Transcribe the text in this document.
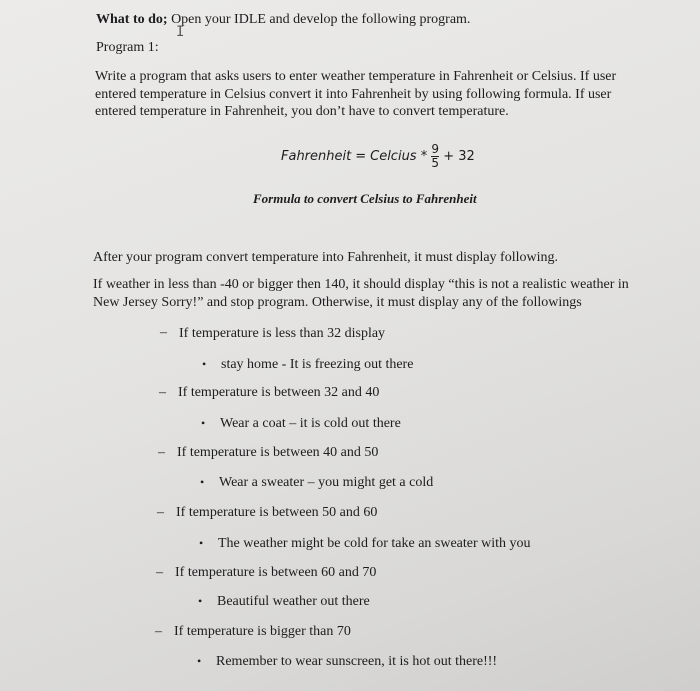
What to do; Open your IDLE and develop the following program.
I
Program 1:
Write a program that asks users to enter weather temperature in Fahrenheit or Celsius. If user
entered temperature in Celsius convert it into Fahrenheit by using following formula. If user
entered temperature in Fahrenheit, you don’t have to convert temperature.
Fahrenheit = Celcius * $\frac{9}{5} + 32$
Formula to convert Celsius to Fahrenheit
After your program convert temperature into Fahrenheit, it must display following.
If weather in less than -40 or bigger then 140, it should display “this is not a realistic weather in
New Jersey Sorry!” and stop program. Otherwise, it must display any of the followings
– If temperature is less than 32 display
• stay home - It is freezing out there
– If temperature is between 32 and 40
• Wear a coat – it is cold out there
– If temperature is between 40 and 50
• Wear a sweater – you might get a cold
– If temperature is between 50 and 60
• The weather might be cold for take an sweater with you
– If temperature is between 60 and 70
• Beautiful weather out there
– If temperature is bigger than 70
• Remember to wear sunscreen, it is hot out there!!!
